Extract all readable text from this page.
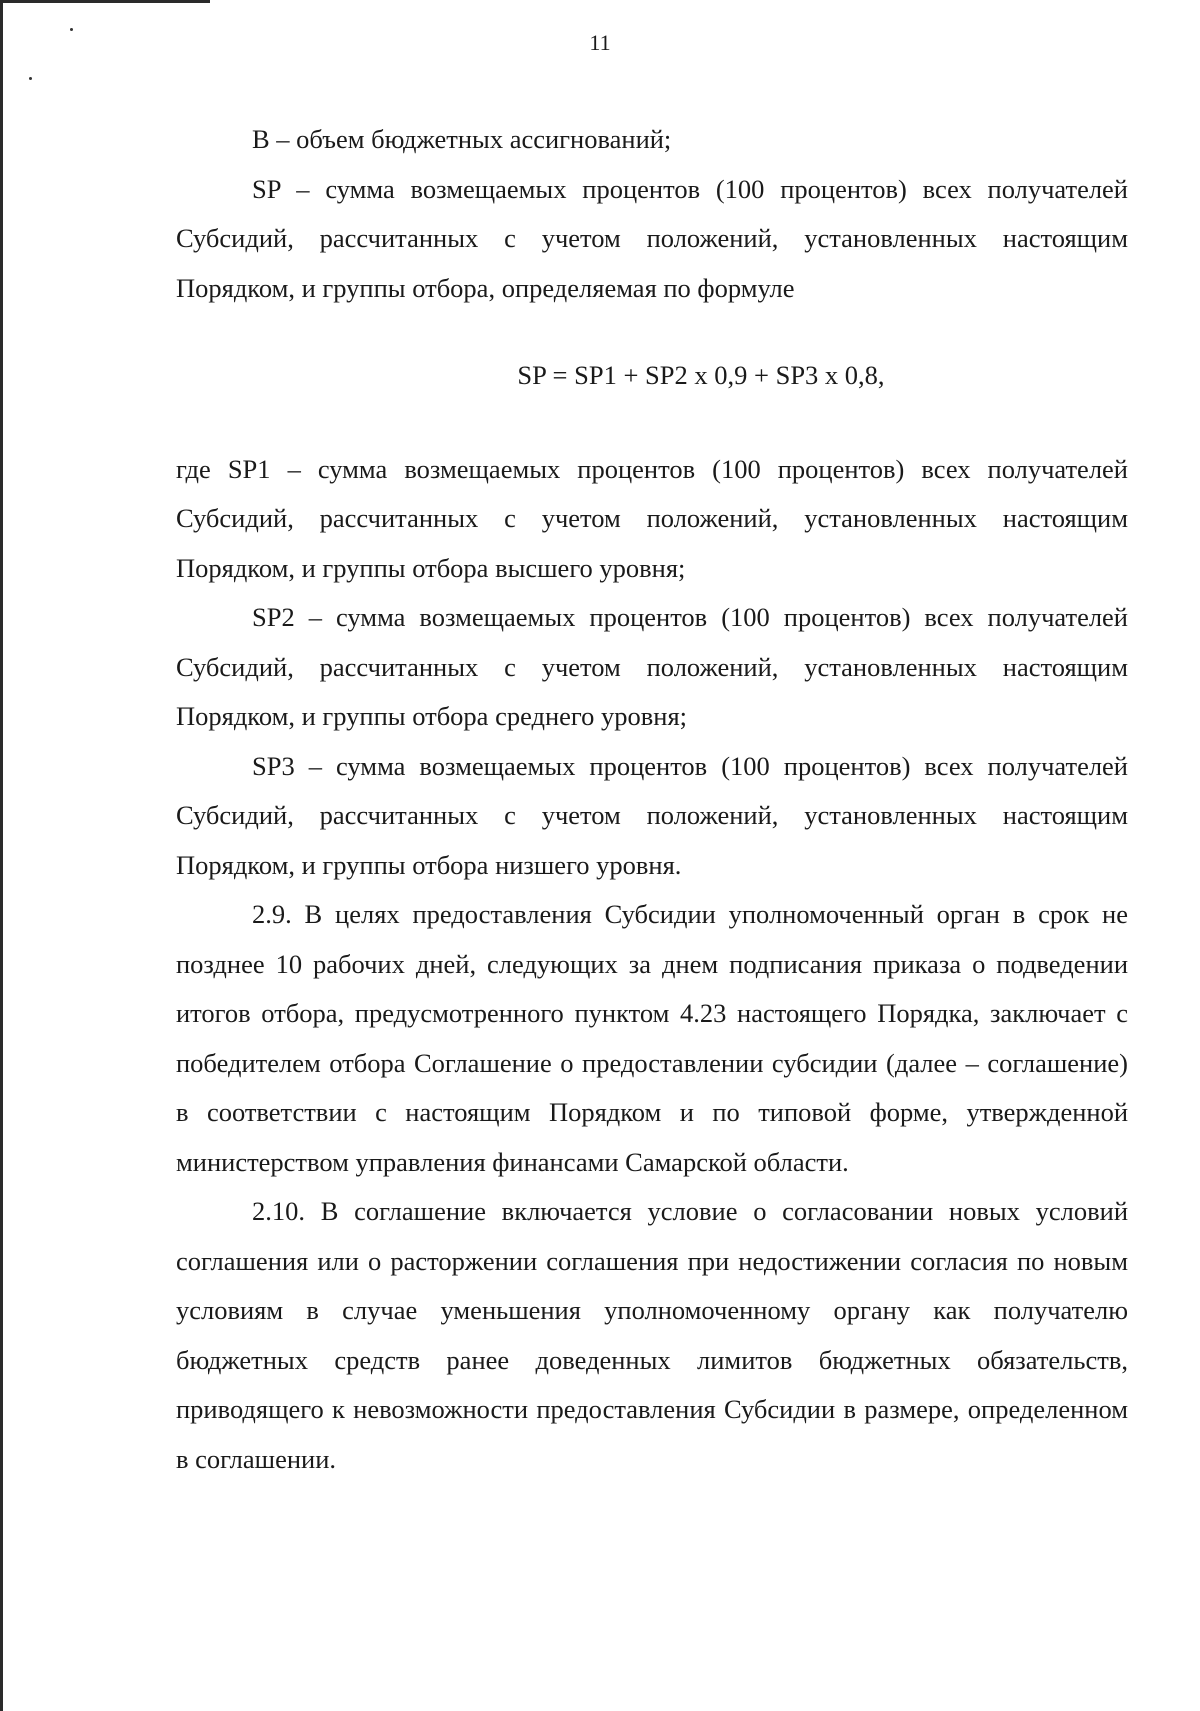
11

B – объем бюджетных ассигнований;

SP – сумма возмещаемых процентов (100 процентов) всех получателей Субсидий, рассчитанных с учетом положений, установленных настоящим Порядком, и группы отбора, определяемая по формуле

SP = SP1 + SP2 x 0,9 + SP3 x 0,8,

где SP1 – сумма возмещаемых процентов (100 процентов) всех получателей Субсидий, рассчитанных с учетом положений, установленных настоящим Порядком, и группы отбора высшего уровня;

SP2 – сумма возмещаемых процентов (100 процентов) всех получателей Субсидий, рассчитанных с учетом положений, установленных настоящим Порядком, и группы отбора среднего уровня;

SP3 – сумма возмещаемых процентов (100 процентов) всех получателей Субсидий, рассчитанных с учетом положений, установленных настоящим Порядком, и группы отбора низшего уровня.

2.9. В целях предоставления Субсидии уполномоченный орган в срок не позднее 10 рабочих дней, следующих за днем подписания приказа о подведении итогов отбора, предусмотренного пунктом 4.23 настоящего Порядка, заключает с победителем отбора Соглашение о предоставлении субсидии (далее – соглашение) в соответствии с настоящим Порядком и по типовой форме, утвержденной министерством управления финансами Самарской области.

2.10. В соглашение включается условие о согласовании новых условий соглашения или о расторжении соглашения при недостижении согласия по новым условиям в случае уменьшения уполномоченному органу как получателю бюджетных средств ранее доведенных лимитов бюджетных обязательств, приводящего к невозможности предоставления Субсидии в размере, определенном в соглашении.
